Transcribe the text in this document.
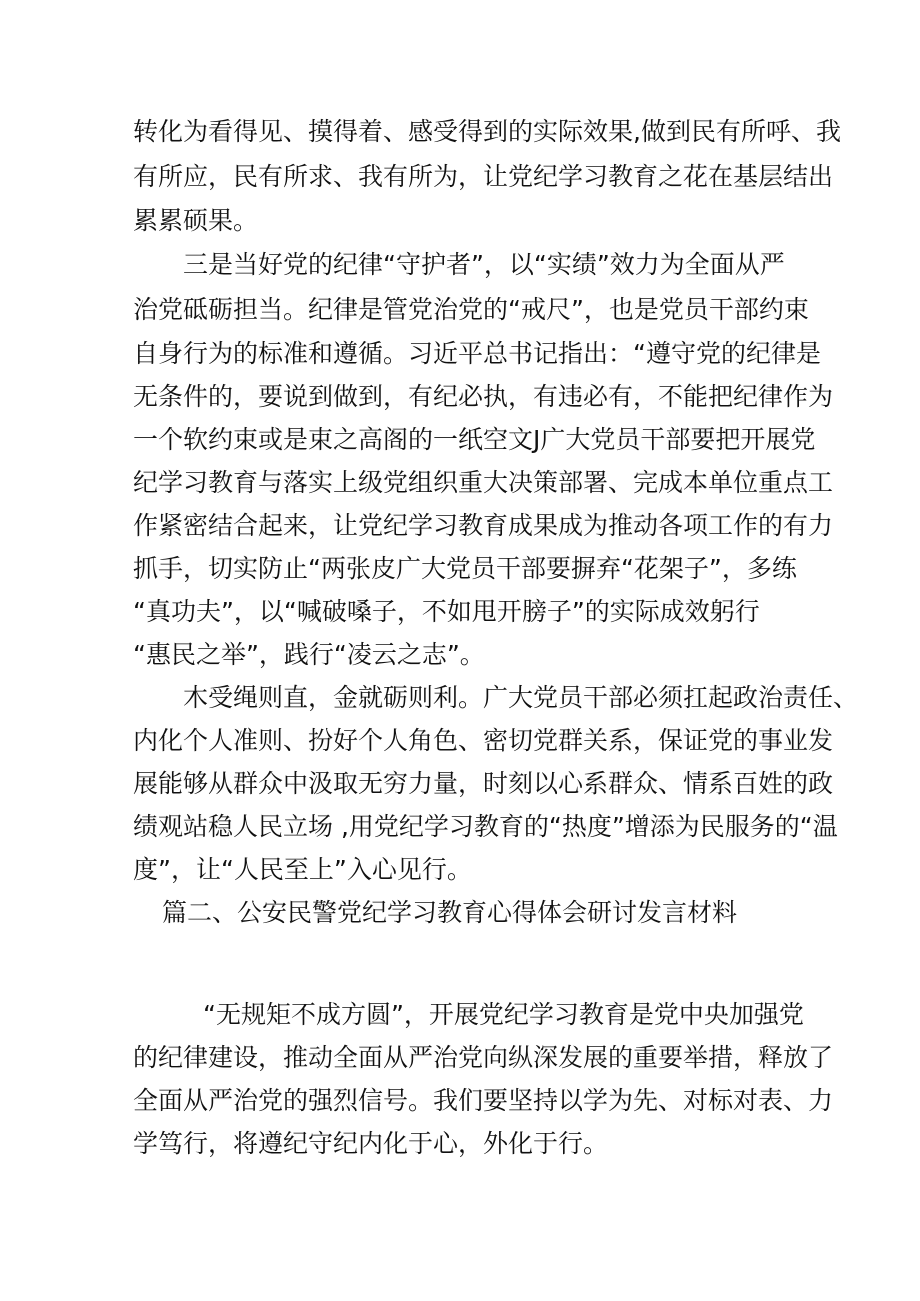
转化为看得见、摸得着、感受得到的实际效果,做到民有所呼、我
有所应，民有所求、我有所为，让党纪学习教育之花在基层结出
累累硕果。
三是当好党的纪律“守护者”，以“实绩”效力为全面从严
治党砥砺担当。纪律是管党治党的“戒尺”，也是党员干部约束
自身行为的标准和遵循。习近平总书记指出：“遵守党的纪律是
无条件的，要说到做到，有纪必执，有违必有，不能把纪律作为
一个软约束或是束之高阁的一纸空文J广大党员干部要把开展党
纪学习教育与落实上级党组织重大决策部署、完成本单位重点工
作紧密结合起来，让党纪学习教育成果成为推动各项工作的有力
抓手，切实防止“两张皮广大党员干部要摒弃“花架子”，多练
“真功夫”，以“喊破嗓子，不如甩开膀子”的实际成效躬行
“惠民之举”，践行“凌云之志”。
木受绳则直，金就砺则利。广大党员干部必须扛起政治责任、
内化个人准则、扮好个人角色、密切党群关系，保证党的事业发
展能够从群众中汲取无穷力量，时刻以心系群众、情系百姓的政
绩观站稳人民立场 ,用党纪学习教育的“热度”增添为民服务的“温
度”，让“人民至上”入心见行。
篇二、公安民警党纪学习教育心得体会研讨发言材料
“无规矩不成方圆”，开展党纪学习教育是党中央加强党
的纪律建设，推动全面从严治党向纵深发展的重要举措，释放了
全面从严治党的强烈信号。我们要坚持以学为先、对标对表、力
学笃行，将遵纪守纪内化于心，外化于行。
